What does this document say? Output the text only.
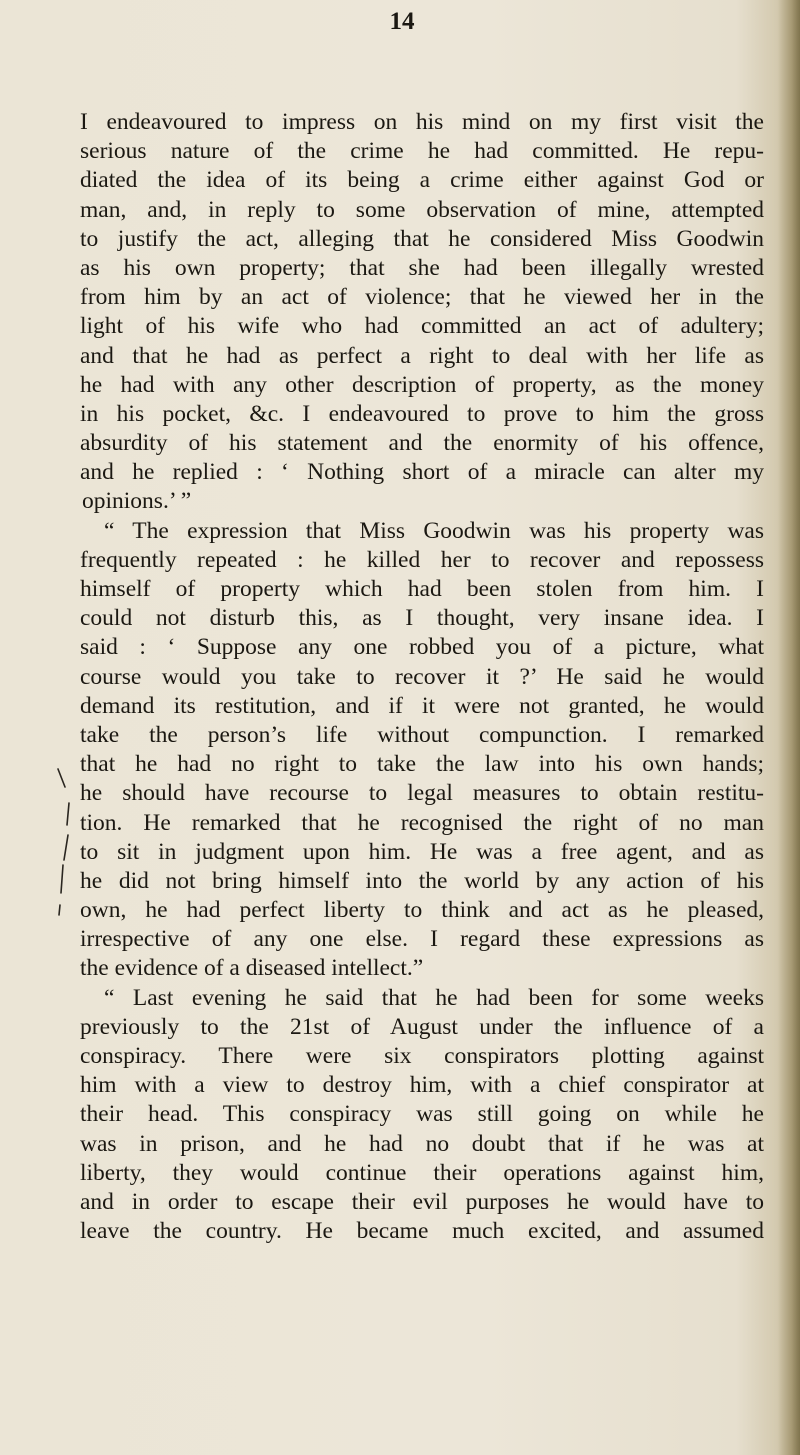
14
I endeavoured to impress on his mind on my first visit the
serious nature of the crime he had committed. He repu-
diated the idea of its being a crime either against God or
man, and, in reply to some observation of mine, attempted
to justify the act, alleging that he considered Miss Goodwin
as his own property; that she had been illegally wrested
from him by an act of violence; that he viewed her in the
light of his wife who had committed an act of adultery;
and that he had as perfect a right to deal with her life as
he had with any other description of property, as the money
in his pocket, &c. I endeavoured to prove to him the gross
absurdity of his statement and the enormity of his offence,
and he replied : ‘ Nothing short of a miracle can alter my
opinions.’ ”
“ The expression that Miss Goodwin was his property was
frequently repeated : he killed her to recover and repossess
himself of property which had been stolen from him. I
could not disturb this, as I thought, very insane idea. I
said : ‘ Suppose any one robbed you of a picture, what
course would you take to recover it ?’ He said he would
demand its restitution, and if it were not granted, he would
take the person’s life without compunction. I remarked
that he had no right to take the law into his own hands;
he should have recourse to legal measures to obtain restitu-
tion. He remarked that he recognised the right of no man
to sit in judgment upon him. He was a free agent, and as
he did not bring himself into the world by any action of his
own, he had perfect liberty to think and act as he pleased,
irrespective of any one else. I regard these expressions as
the evidence of a diseased intellect.”
“ Last evening he said that he had been for some weeks
previously to the 21st of August under the influence of a
conspiracy. There were six conspirators plotting against
him with a view to destroy him, with a chief conspirator at
their head. This conspiracy was still going on while he
was in prison, and he had no doubt that if he was at
liberty, they would continue their operations against him,
and in order to escape their evil purposes he would have to
leave the country. He became much excited, and assumed
